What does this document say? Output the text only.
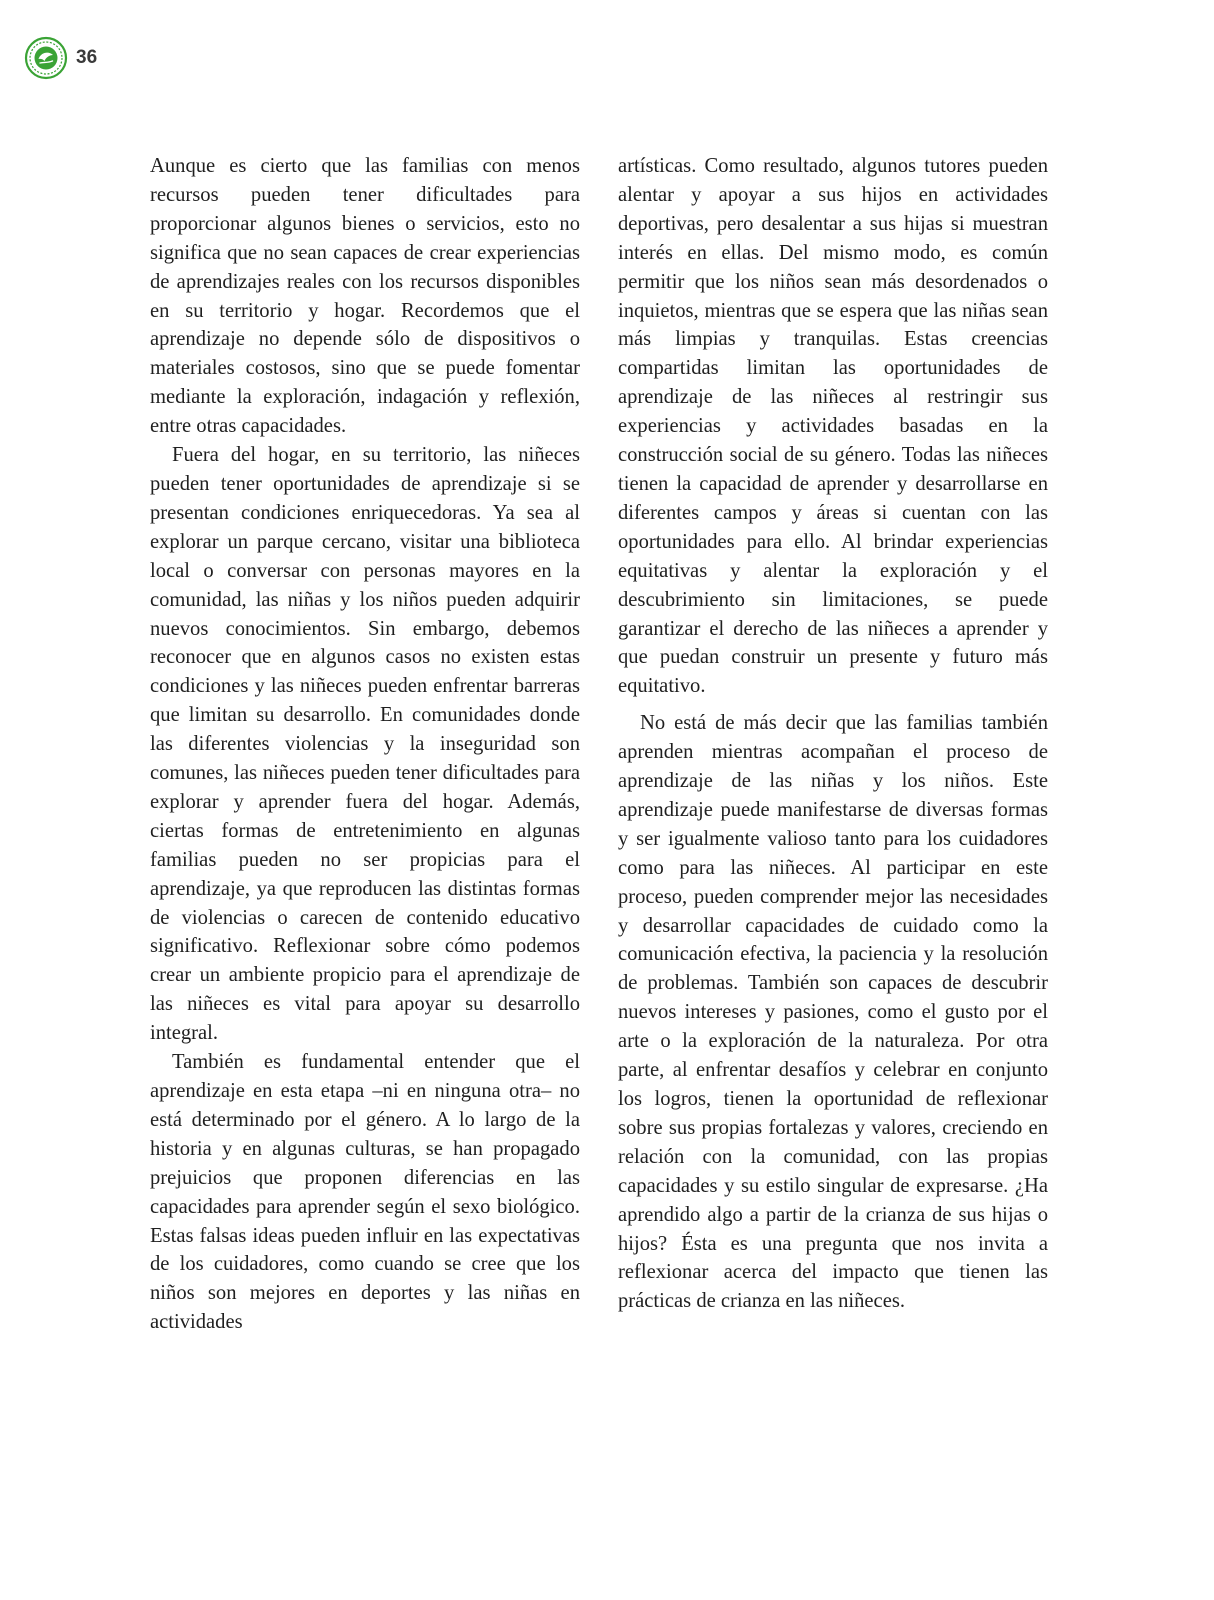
36

Aunque es cierto que las familias con menos recursos pueden tener dificultades para proporcionar algunos bienes o servicios, esto no significa que no sean capaces de crear experiencias de aprendizajes reales con los recursos disponibles en su territorio y hogar. Recordemos que el aprendizaje no depende sólo de dispositivos o materiales costosos, sino que se puede fomentar mediante la exploración, indagación y reflexión, entre otras capacidades.

Fuera del hogar, en su territorio, las niñeces pueden tener oportunidades de aprendizaje si se presentan condiciones enriquecedoras. Ya sea al explorar un parque cercano, visitar una biblioteca local o conversar con personas mayores en la comunidad, las niñas y los niños pueden adquirir nuevos conocimientos. Sin embargo, debemos reconocer que en algunos casos no existen estas condiciones y las niñeces pueden enfrentar barreras que limitan su desarrollo. En comunidades donde las diferentes violencias y la inseguridad son comunes, las niñeces pueden tener dificultades para explorar y aprender fuera del hogar. Además, ciertas formas de entretenimiento en algunas familias pueden no ser propicias para el aprendizaje, ya que reproducen las distintas formas de violencias o carecen de contenido educativo significativo. Reflexionar sobre cómo podemos crear un ambiente propicio para el aprendizaje de las niñeces es vital para apoyar su desarrollo integral.

También es fundamental entender que el aprendizaje en esta etapa –ni en ninguna otra– no está determinado por el género. A lo largo de la historia y en algunas culturas, se han propagado prejuicios que proponen diferencias en las capacidades para aprender según el sexo biológico. Estas falsas ideas pueden influir en las expectativas de los cuidadores, como cuando se cree que los niños son mejores en deportes y las niñas en actividades

artísticas. Como resultado, algunos tutores pueden alentar y apoyar a sus hijos en actividades deportivas, pero desalentar a sus hijas si muestran interés en ellas. Del mismo modo, es común permitir que los niños sean más desordenados o inquietos, mientras que se espera que las niñas sean más limpias y tranquilas. Estas creencias compartidas limitan las oportunidades de aprendizaje de las niñeces al restringir sus experiencias y actividades basadas en la construcción social de su género. Todas las niñeces tienen la capacidad de aprender y desarrollarse en diferentes campos y áreas si cuentan con las oportunidades para ello. Al brindar experiencias equitativas y alentar la exploración y el descubrimiento sin limitaciones, se puede garantizar el derecho de las niñeces a aprender y que puedan construir un presente y futuro más equitativo.

No está de más decir que las familias también aprenden mientras acompañan el proceso de aprendizaje de las niñas y los niños. Este aprendizaje puede manifestarse de diversas formas y ser igualmente valioso tanto para los cuidadores como para las niñeces. Al participar en este proceso, pueden comprender mejor las necesidades y desarrollar capacidades de cuidado como la comunicación efectiva, la paciencia y la resolución de problemas. También son capaces de descubrir nuevos intereses y pasiones, como el gusto por el arte o la exploración de la naturaleza. Por otra parte, al enfrentar desafíos y celebrar en conjunto los logros, tienen la oportunidad de reflexionar sobre sus propias fortalezas y valores, creciendo en relación con la comunidad, con las propias capacidades y su estilo singular de expresarse. ¿Ha aprendido algo a partir de la crianza de sus hijas o hijos? Ésta es una pregunta que nos invita a reflexionar acerca del impacto que tienen las prácticas de crianza en las niñeces.
